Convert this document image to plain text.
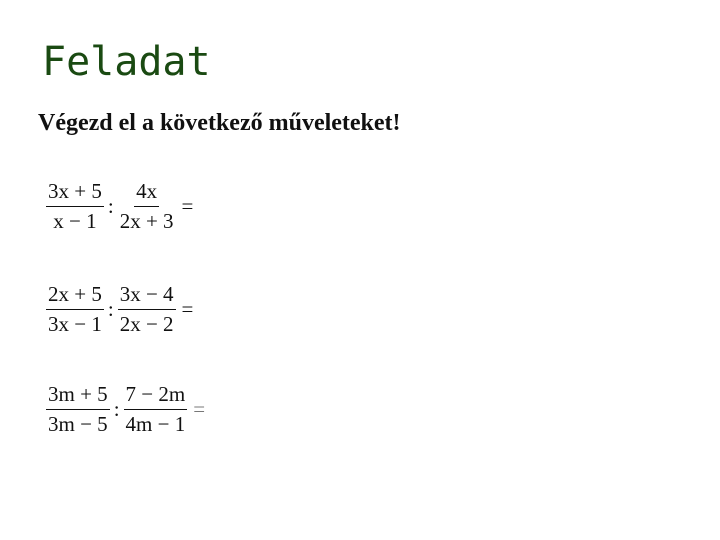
Feladat

Végezd el a következő műveleteket!

$\frac{3x + 5}{x - 1}$ : $\frac{4x}{2x + 3}$ =
$\frac{2x + 5}{3x - 1}$ : $\frac{3x - 4}{2x - 2}$ =
$\frac{3m + 5}{3m - 5}$ : $\frac{7 - 2m}{4m - 1}$ =
